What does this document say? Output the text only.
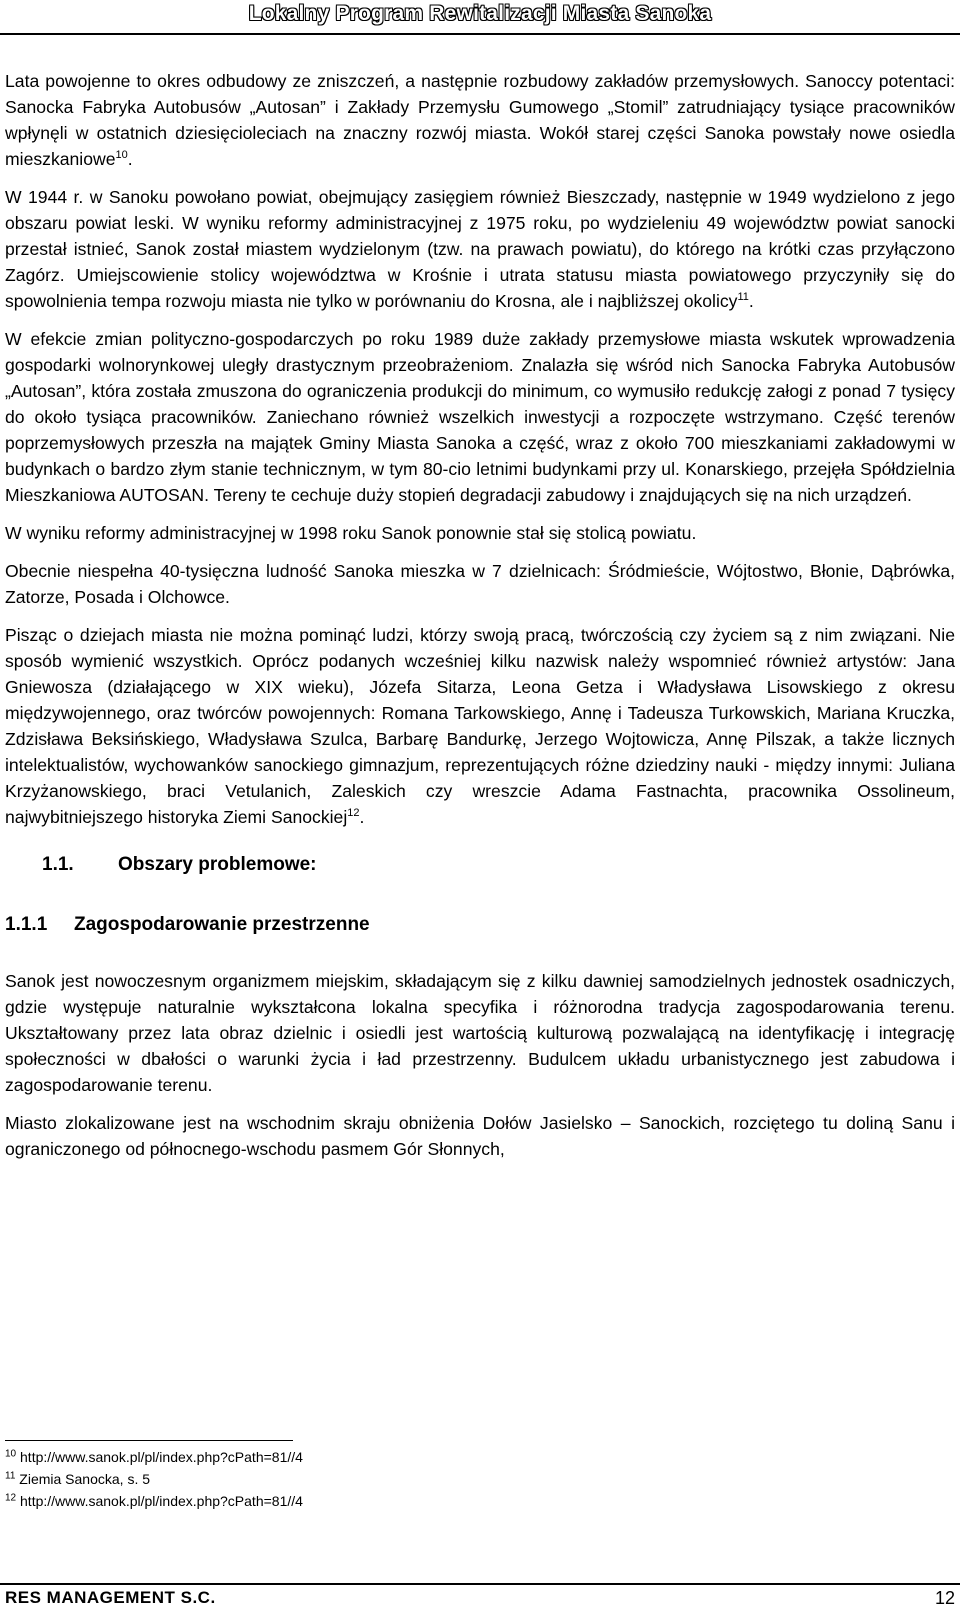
Lokalny Program Rewitalizacji Miasta Sanoka

Lata powojenne to okres odbudowy ze zniszczeń, a następnie rozbudowy zakładów przemysłowych. Sanoccy potentaci: Sanocka Fabryka Autobusów „Autosan” i Zakłady Przemysłu Gumowego „Stomil” zatrudniający tysiące pracowników wpłynęli w ostatnich dziesięcioleciach na znaczny rozwój miasta. Wokół starej części Sanoka powstały nowe osiedla mieszkaniowe$^{10}$.

W 1944 r. w Sanoku powołano powiat, obejmujący zasięgiem również Bieszczady, następnie w 1949 wydzielono z jego obszaru powiat leski. W wyniku reformy administracyjnej z 1975 roku, po wydzieleniu 49 województw powiat sanocki przestał istnieć, Sanok został miastem wydzielonym (tzw. na prawach powiatu), do którego na krótki czas przyłączono Zagórz. Umiejscowienie stolicy województwa w Krośnie i utrata statusu miasta powiatowego przyczyniły się do spowolnienia tempa rozwoju miasta nie tylko w porównaniu do Krosna, ale i najbliższej okolicy$^{11}$.

W efekcie zmian polityczno-gospodarczych po roku 1989 duże zakłady przemysłowe miasta wskutek wprowadzenia gospodarki wolnorynkowej uległy drastycznym przeobrażeniom. Znalazła się wśród nich Sanocka Fabryka Autobusów „Autosan”, która została zmuszona do ograniczenia produkcji do minimum, co wymusiło redukcję załogi z ponad 7 tysięcy do około tysiąca pracowników. Zaniechano również wszelkich inwestycji a rozpoczęte wstrzymano. Część terenów poprzemysłowych przeszła na majątek Gminy Miasta Sanoka a część, wraz z około 700 mieszkaniami zakładowymi w budynkach o bardzo złym stanie technicznym, w tym 80-cio letnimi budynkami przy ul. Konarskiego, przejęła Spółdzielnia Mieszkaniowa AUTOSAN. Tereny te cechuje duży stopień degradacji zabudowy i znajdujących się na nich urządzeń.

W wyniku reformy administracyjnej w 1998 roku Sanok ponownie stał się stolicą powiatu.

Obecnie niespełna 40-tysięczna ludność Sanoka mieszka w 7 dzielnicach: Śródmieście, Wójtostwo, Błonie, Dąbrówka, Zatorze, Posada i Olchowce.

Pisząc o dziejach miasta nie można pominąć ludzi, którzy swoją pracą, twórczością czy życiem są z nim związani. Nie sposób wymienić wszystkich. Oprócz podanych wcześniej kilku nazwisk należy wspomnieć również artystów: Jana Gniewosza (działającego w XIX wieku), Józefa Sitarza, Leona Getza i Władysława Lisowskiego z okresu międzywojennego, oraz twórców powojennych: Romana Tarkowskiego, Annę i Tadeusza Turkowskich, Mariana Kruczka, Zdzisława Beksińskiego, Władysława Szulca, Barbarę Bandurkę, Jerzego Wojtowicza, Annę Pilszak, a także licznych intelektualistów, wychowanków sanockiego gimnazjum, reprezentujących różne dziedziny nauki - między innymi: Juliana Krzyżanowskiego, braci Vetulanich, Zaleskich czy wreszcie Adama Fastnachta, pracownika Ossolineum, najwybitniejszego historyka Ziemi Sanockiej$^{12}$.

1.1.	Obszary problemowe:
1.1.1	Zagospodarowanie przestrzenne

Sanok jest nowoczesnym organizmem miejskim, składającym się z kilku dawniej samodzielnych jednostek osadniczych, gdzie występuje naturalnie wykształcona lokalna specyfika i różnorodna tradycja zagospodarowania terenu. Ukształtowany przez lata obraz dzielnic i osiedli jest wartością kulturową pozwalającą na identyfikację i integrację społeczności w dbałości o warunki życia i ład przestrzenny. Budulcem układu urbanistycznego jest zabudowa i zagospodarowanie terenu.

Miasto zlokalizowane jest na wschodnim skraju obniżenia Dołów Jasielsko – Sanockich, rozciętego tu doliną Sanu i ograniczonego od północnego-wschodu pasmem Gór Słonnych,

$^{10}$ http://www.sanok.pl/pl/index.php?cPath=81//4
$^{11}$ Ziemia Sanocka, s. 5
$^{12}$ http://www.sanok.pl/pl/index.php?cPath=81//4
RES MANAGEMENT S.C.	12
